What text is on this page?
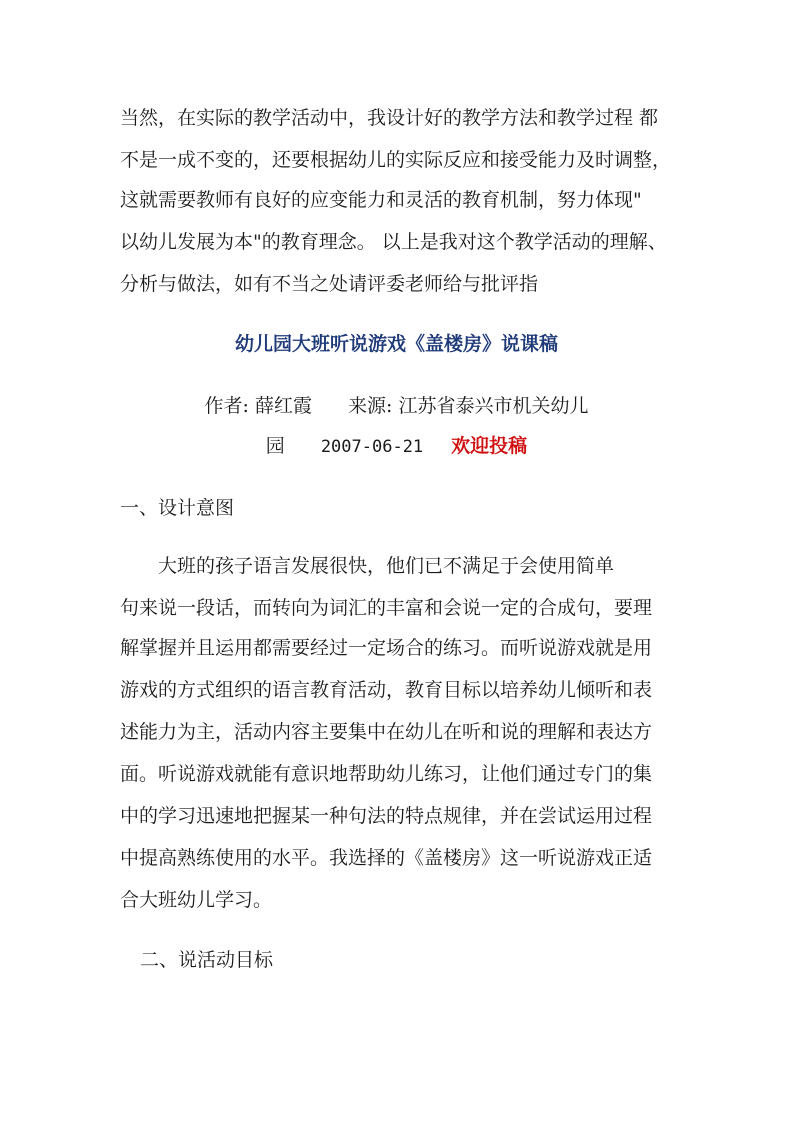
当然，在实际的教学活动中，我设计好的教学方法和教学过程 都
不是一成不变的，还要根据幼儿的实际反应和接受能力及时调整，
这就需要教师有良好的应变能力和灵活的教育机制，努力体现"
以幼儿发展为本"的教育理念。 以上是我对这个教学活动的理解、
分析与做法，如有不当之处请评委老师给与批评指
幼儿园大班听说游戏《盖楼房》说课稿
作者: 薛红霞 来源: 江苏省泰兴市机关幼儿
园 2007-06-21 欢迎投稿
一、设计意图
　　大班的孩子语言发展很快，他们已不满足于会使用简单
句来说一段话，而转向为词汇的丰富和会说一定的合成句，要理
解掌握并且运用都需要经过一定场合的练习。而听说游戏就是用
游戏的方式组织的语言教育活动，教育目标以培养幼儿倾听和表
述能力为主，活动内容主要集中在幼儿在听和说的理解和表达方
面。听说游戏就能有意识地帮助幼儿练习，让他们通过专门的集
中的学习迅速地把握某一种句法的特点规律，并在尝试运用过程
中提高熟练使用的水平。我选择的《盖楼房》这一听说游戏正适
合大班幼儿学习。
二、说活动目标
